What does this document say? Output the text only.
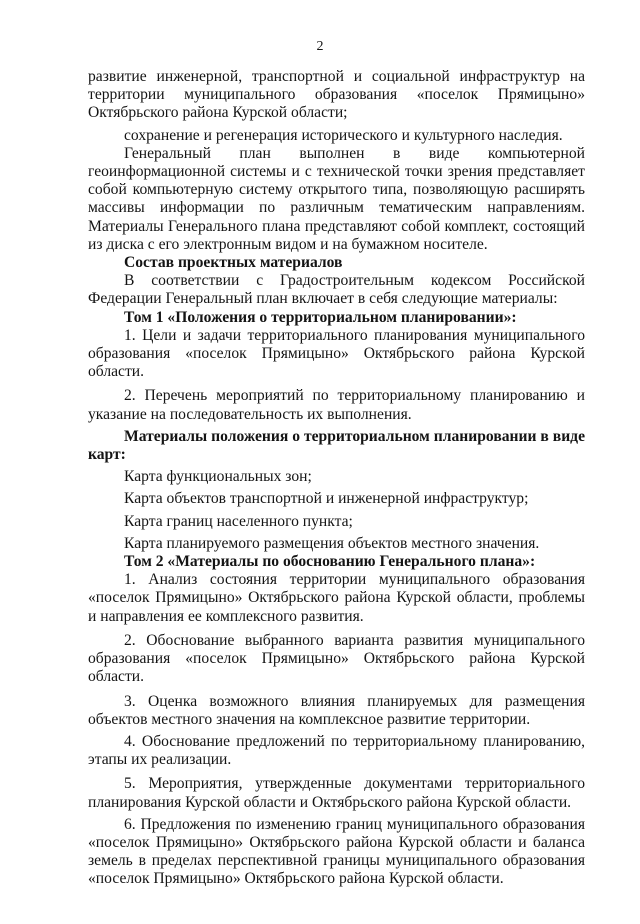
2

развитие инженерной, транспортной и социальной инфраструктур на территории муниципального образования «поселок Прямицыно» Октябрьского района Курской области;

сохранение и регенерация исторического и культурного наследия.

Генеральный план выполнен в виде компьютерной геоинформационной системы и с технической точки зрения представляет собой компьютерную систему открытого типа, позволяющую расширять массивы информации по различным тематическим направлениям. Материалы Генерального плана представляют собой комплект, состоящий из диска с его электронным видом и на бумажном носителе.

Состав проектных материалов

В соответствии с Градостроительным кодексом Российской Федерации Генеральный план включает в себя следующие материалы:

Том 1 «Положения о территориальном планировании»:

1. Цели и задачи территориального планирования муниципального образования «поселок Прямицыно» Октябрьского района Курской области.

2. Перечень мероприятий по территориальному планированию и указание на последовательность их выполнения.

Материалы положения о территориальном планировании в виде карт:

Карта функциональных зон;

Карта объектов транспортной и инженерной инфраструктур;

Карта границ населенного пункта;

Карта планируемого размещения объектов местного значения.

Том 2 «Материалы по обоснованию Генерального плана»:

1. Анализ состояния территории муниципального образования «поселок Прямицыно» Октябрьского района Курской области, проблемы и направления ее комплексного развития.

2. Обоснование выбранного варианта развития муниципального образования «поселок Прямицыно» Октябрьского района Курской области.

3. Оценка возможного влияния планируемых для размещения объектов местного значения на комплексное развитие территории.

4. Обоснование предложений по территориальному планированию, этапы их реализации.

5. Мероприятия, утвержденные документами территориального планирования Курской области и Октябрьского района Курской области.

6. Предложения по изменению границ муниципального образования «поселок Прямицыно» Октябрьского района Курской области и баланса земель в пределах перспективной границы муниципального образования «поселок Прямицыно» Октябрьского района Курской области.
